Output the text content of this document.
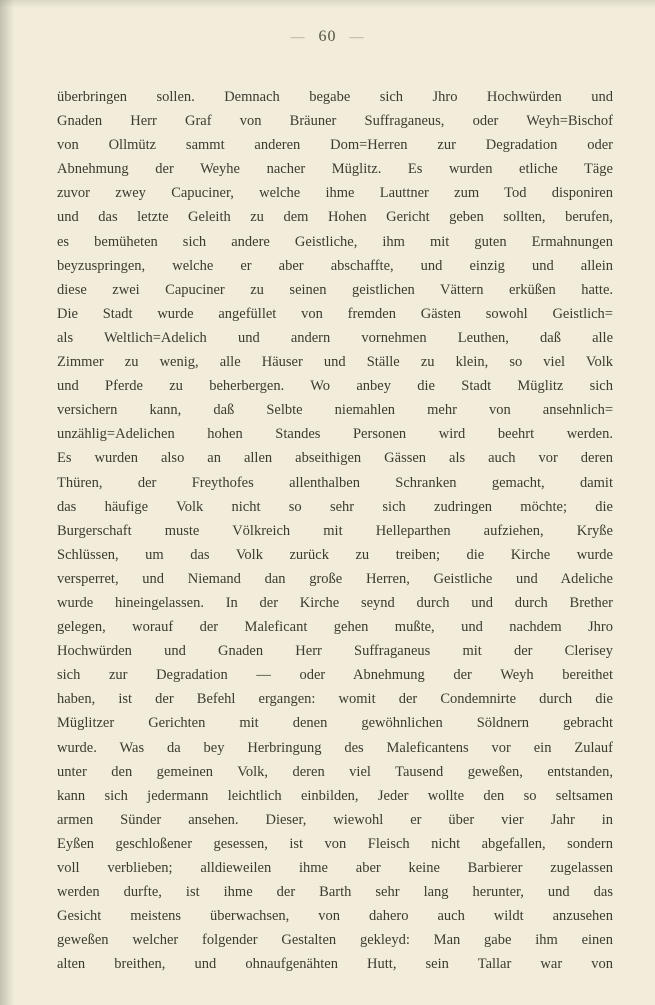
— 60 —
überbringen sollen. Demnach begabe sich Jhro Hochwürden und
Gnaden Herr Graf von Bräuner Suffraganeus, oder Weyh=Bischof
von Ollmütz sammt anderen Dom=Herren zur Degradation oder
Abnehmung der Weyhe nacher Müglitz. Es wurden etliche Täge
zuvor zwey Capuciner, welche ihme Lauttner zum Tod disponiren
und das letzte Geleith zu dem Hohen Gericht geben sollten, berufen,
es bemüheten sich andere Geistliche, ihm mit guten Ermahnungen
beyzuspringen, welche er aber abschaffte, und einzig und allein
diese zwei Capuciner zu seinen geistlichen Vättern erküßen hatte.
Die Stadt wurde angefüllet von fremden Gästen sowohl Geistlich=
als Weltlich=Adelich und andern vornehmen Leuthen, daß alle
Zimmer zu wenig, alle Häuser und Ställe zu klein, so viel Volk
und Pferde zu beherbergen. Wo anbey die Stadt Müglitz sich
versichern kann, daß Selbte niemahlen mehr von ansehnlich=
unzählig=Adelichen hohen Standes Personen wird beehrt werden.
Es wurden also an allen abseithigen Gässen als auch vor deren
Thüren, der Freythofes allenthalben Schranken gemacht, damit
das häufige Volk nicht so sehr sich zudringen möchte; die
Burgerschaft muste Völkreich mit Helleparthen aufziehen, Kryße
Schlüssen, um das Volk zurück zu treiben; die Kirche wurde
versperret, und Niemand dan große Herren, Geistliche und Adeliche
wurde hineingelassen. In der Kirche seynd durch und durch Brether
gelegen, worauf der Maleficant gehen mußte, und nachdem Jhro
Hochwürden und Gnaden Herr Suffraganeus mit der Clerisey
sich zur Degradation — oder Abnehmung der Weyh bereithet
haben, ist der Befehl ergangen: womit der Condemnirte durch die
Müglitzer Gerichten mit denen gewöhnlichen Söldnern gebracht
wurde. Was da bey Herbringung des Maleficantens vor ein Zulauf
unter den gemeinen Volk, deren viel Tausend geweßen, entstanden,
kann sich jedermann leichtlich einbilden, Jeder wollte den so seltsamen
armen Sünder ansehen. Dieser, wiewohl er über vier Jahr in
Eyßen geschloßener gesessen, ist von Fleisch nicht abgefallen, sondern
voll verblieben; alldieweilen ihme aber keine Barbierer zugelassen
werden durfte, ist ihme der Barth sehr lang herunter, und das
Gesicht meistens überwachsen, von dahero auch wildt anzusehen
geweßen welcher folgender Gestalten gekleyd: Man gabe ihm einen
alten breithen, und ohnaufgenähten Hutt, sein Tallar war von
